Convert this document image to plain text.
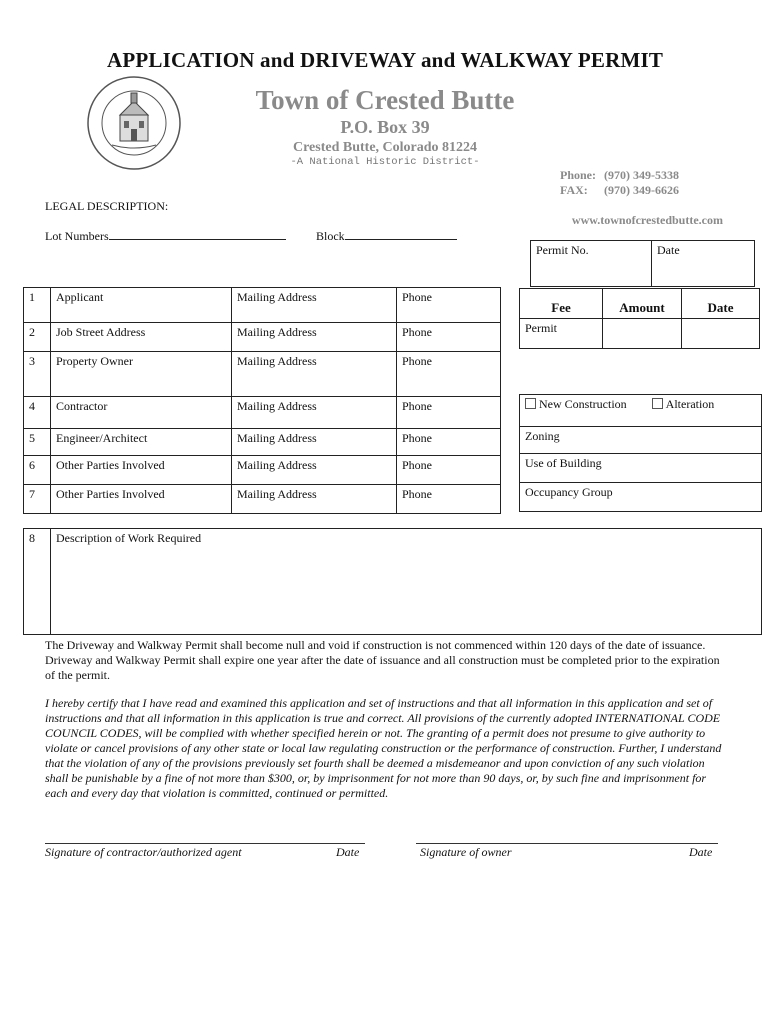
APPLICATION and DRIVEWAY and WALKWAY PERMIT
Town of Crested Butte
P.O. Box 39
Crested Butte, Colorado 81224
-A National Historic District-
Phone: (970) 349-5338
FAX:	(970) 349-6626
LEGAL DESCRIPTION:
www.townofcrestedbutte.com
Lot Numbers	Block
Permit No.	Date
1	Applicant	Mailing Address	Phone
2	Job Street Address	Mailing Address	Phone
3	Property Owner	Mailing Address	Phone
4	Contractor	Mailing Address	Phone
5	Engineer/Architect	Mailing Address	Phone
6	Other Parties Involved	Mailing Address	Phone
7	Other Parties Involved	Mailing Address	Phone
Fee	Amount	Date
Permit		
New Construction	Alteration
Zoning
Use of Building
Occupancy Group
8	Description of Work Required
The Driveway and Walkway Permit shall become null and void if construction is not commenced within 120 days of the date of issuance. Driveway and Walkway Permit shall expire one year after the date of issuance and all construction must be completed prior to the expiration of the permit.
I hereby certify that I have read and examined this application and set of instructions and that all information in this application and set of instructions and that all information in this application is true and correct. All provisions of the currently adopted INTERNATIONAL CODE COUNCIL CODES, will be complied with whether specified herein or not. The granting of a permit does not presume to give authority to violate or cancel provisions of any other state or local law regulating construction or the performance of construction. Further, I understand that the violation of any of the provisions previously set fourth shall be deemed a misdemeanor and upon conviction of any such violation shall be punishable by a fine of not more than $300, or, by imprisonment for not more than 90 days, or, by such fine and imprisonment for each and every day that violation is committed, continued or permitted.
Signature of contractor/authorized agent	Date	Signature of owner	Date
